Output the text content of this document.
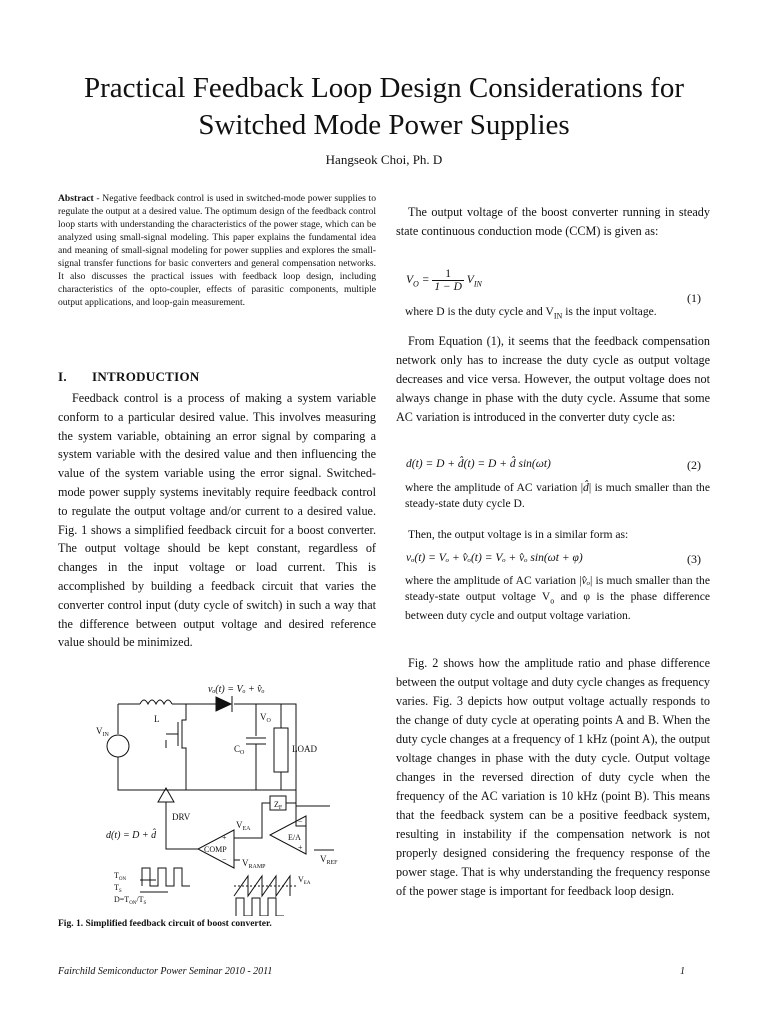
Practical Feedback Loop Design Considerations for
Switched Mode Power Supplies
Hangseok Choi, Ph. D

Abstract - Negative feedback control is used in switched-mode power supplies to regulate the output at a desired value. The optimum design of the feedback control loop starts with understanding the characteristics of the power stage, which can be analyzed using small-signal modeling. This paper explains the fundamental idea and meaning of small-signal modeling for power supplies and explores the small-signal transfer functions for basic converters and general compensation networks. It also discusses the practical issues with feedback loop design, including characteristics of the opto-coupler, effects of parasitic components, multiple output applications, and loop-gain measurement.

I. INTRODUCTION

Feedback control is a process of making a system variable conform to a particular desired value. This involves measuring the system variable, obtaining an error signal by comparing a system variable with the desired value and then influencing the value of the system variable using the error signal. Switched-mode power supply systems inevitably require feedback control to regulate the output voltage and/or current to a desired value. Fig. 1 shows a simplified feedback circuit for a boost converter. The output voltage should be kept constant, regardless of changes in the input voltage or load current. This is accomplished by building a feedback circuit that varies the converter control input (duty cycle of switch) in such a way that the difference between output voltage and desired reference value should be minimized.

vₒ(t) = Vₒ + v̂ₒ
$V_{IN}$
L	$V_O$
$C_O$	LOAD
$Z_F$
DRV
d(t) = D + d̂
$V_{EA}$
E/A
COMP
+
−
−
+
$V_{RAMP}$
$V_{REF}$
$T_{ON}$
$T_S$
$D=T_{ON}/T_S$
$V_{EA}$
Fig. 1. Simplified feedback circuit of boost converter.

The output voltage of the boost converter running in steady state continuous conduction mode (CCM) is given as:

$V_O = \frac{1}{1 - D} V_{IN}$
(1)

where D is the duty cycle and $V_{IN}$ is the input voltage.

From Equation (1), it seems that the feedback compensation network only has to increase the duty cycle as output voltage decreases and vice versa. However, the output voltage does not always change in phase with the duty cycle. Assume that some AC variation is introduced in the converter duty cycle as:

d(t) = D + d̂(t) = D + d̂ sin(ωt)	(2)

where the amplitude of AC variation |d̂| is much smaller than the steady-state duty cycle D.

Then, the output voltage is in a similar form as:

vₒ(t) = Vₒ + v̂ₒ(t) = Vₒ + v̂ₒ sin(ωt + φ)	(3)

where the amplitude of AC variation |v̂ₒ| is much smaller than the steady-state output voltage $V_o$ and φ is the phase difference between duty cycle and output voltage variation.

Fig. 2 shows how the amplitude ratio and phase difference between the output voltage and duty cycle changes as frequency varies. Fig. 3 depicts how output voltage actually responds to the change of duty cycle at operating points A and B. When the duty cycle changes at a frequency of 1 kHz (point A), the output voltage changes in phase with the duty cycle. Output voltage changes in the reversed direction of duty cycle when the frequency of the AC variation is 10 kHz (point B). This means that the feedback system can be a positive feedback system, resulting in instability if the compensation network is not properly designed considering the frequency response of the power stage. That is why understanding the frequency response of the power stage is important for feedback loop design.

Fairchild Semiconductor Power Seminar 2010 - 2011	1
